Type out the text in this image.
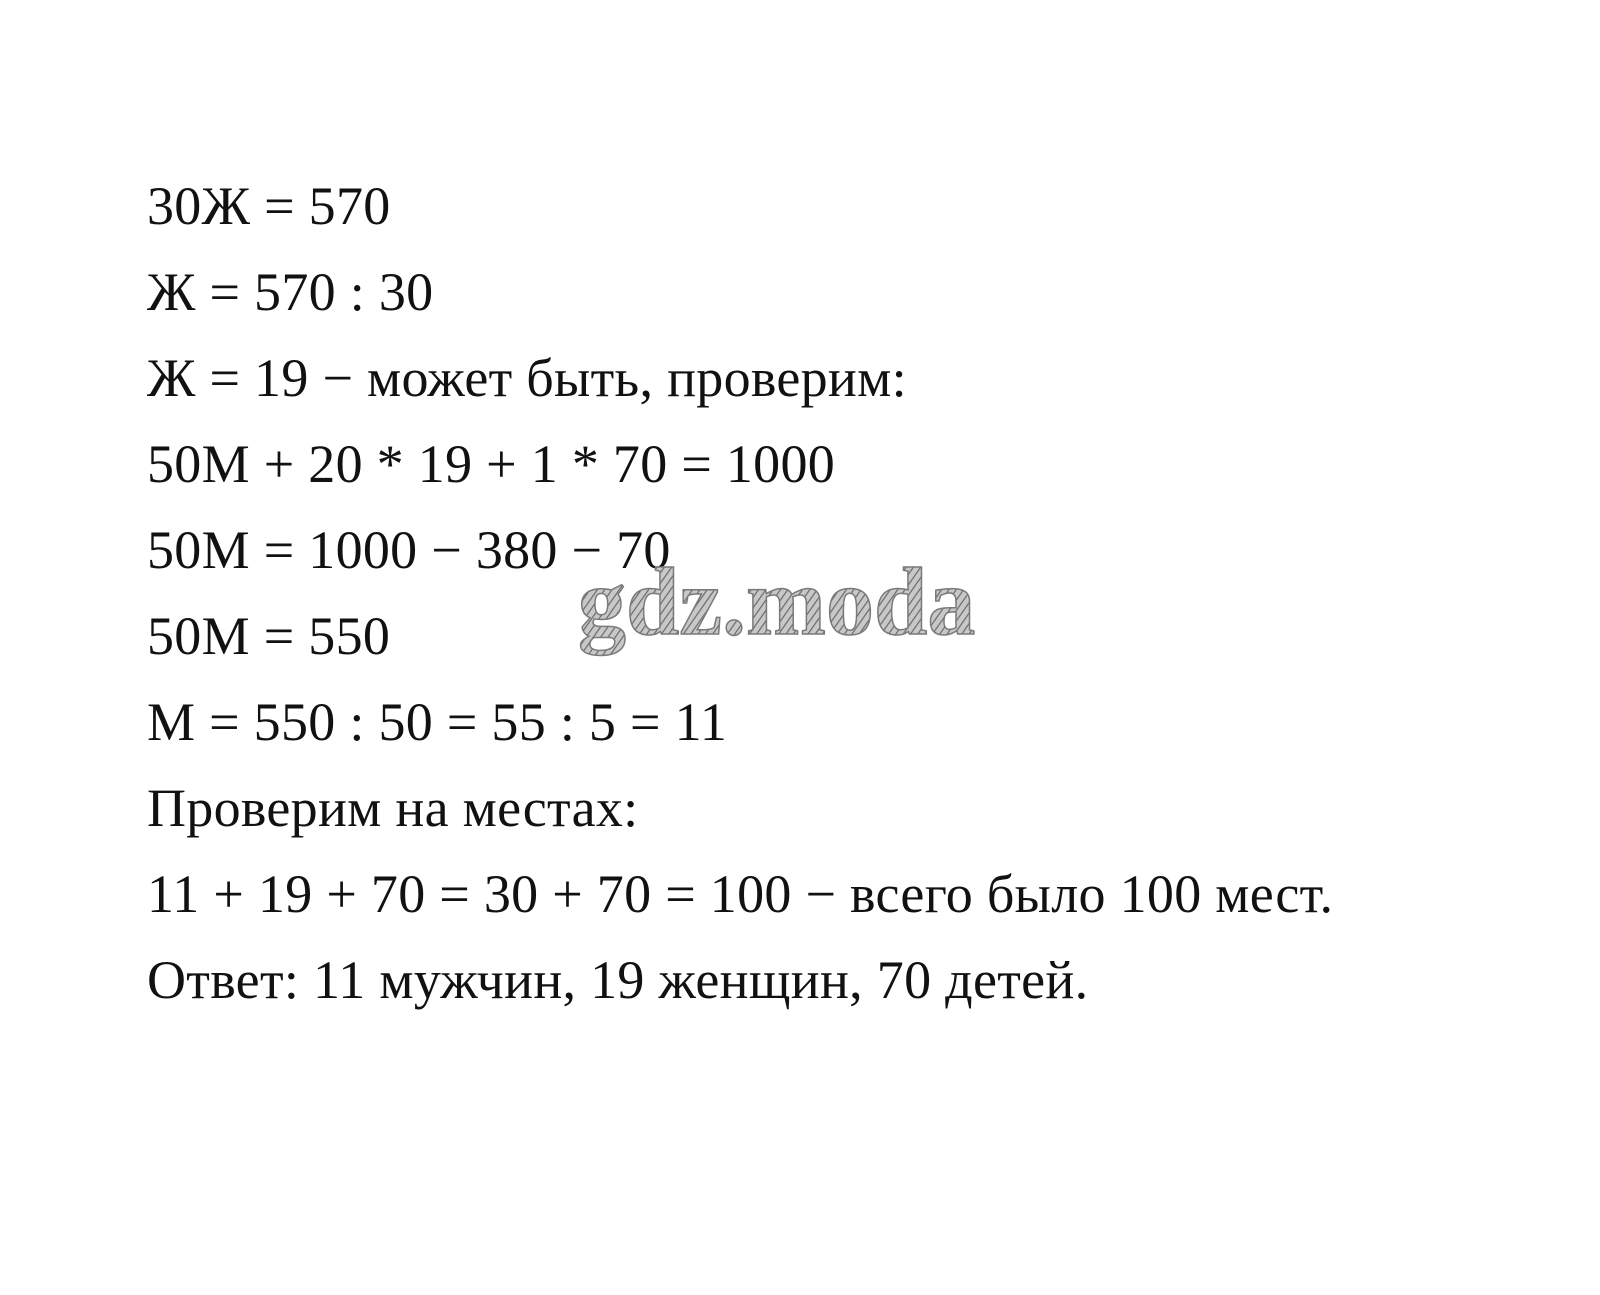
30Ж = 570

Ж = 570 : 30

Ж = 19 − может быть, проверим:

50М + 20 * 19 + 1 * 70 = 1000

50М = 1000 − 380 − 70

50М = 550

М = 550 : 50 = 55 : 5 = 11

Проверим на местах:

11 + 19 + 70 = 30 + 70 = 100 − всего было 100 мест.

Ответ: 11 мужчин, 19 женщин, 70 детей.

gdz.moda
